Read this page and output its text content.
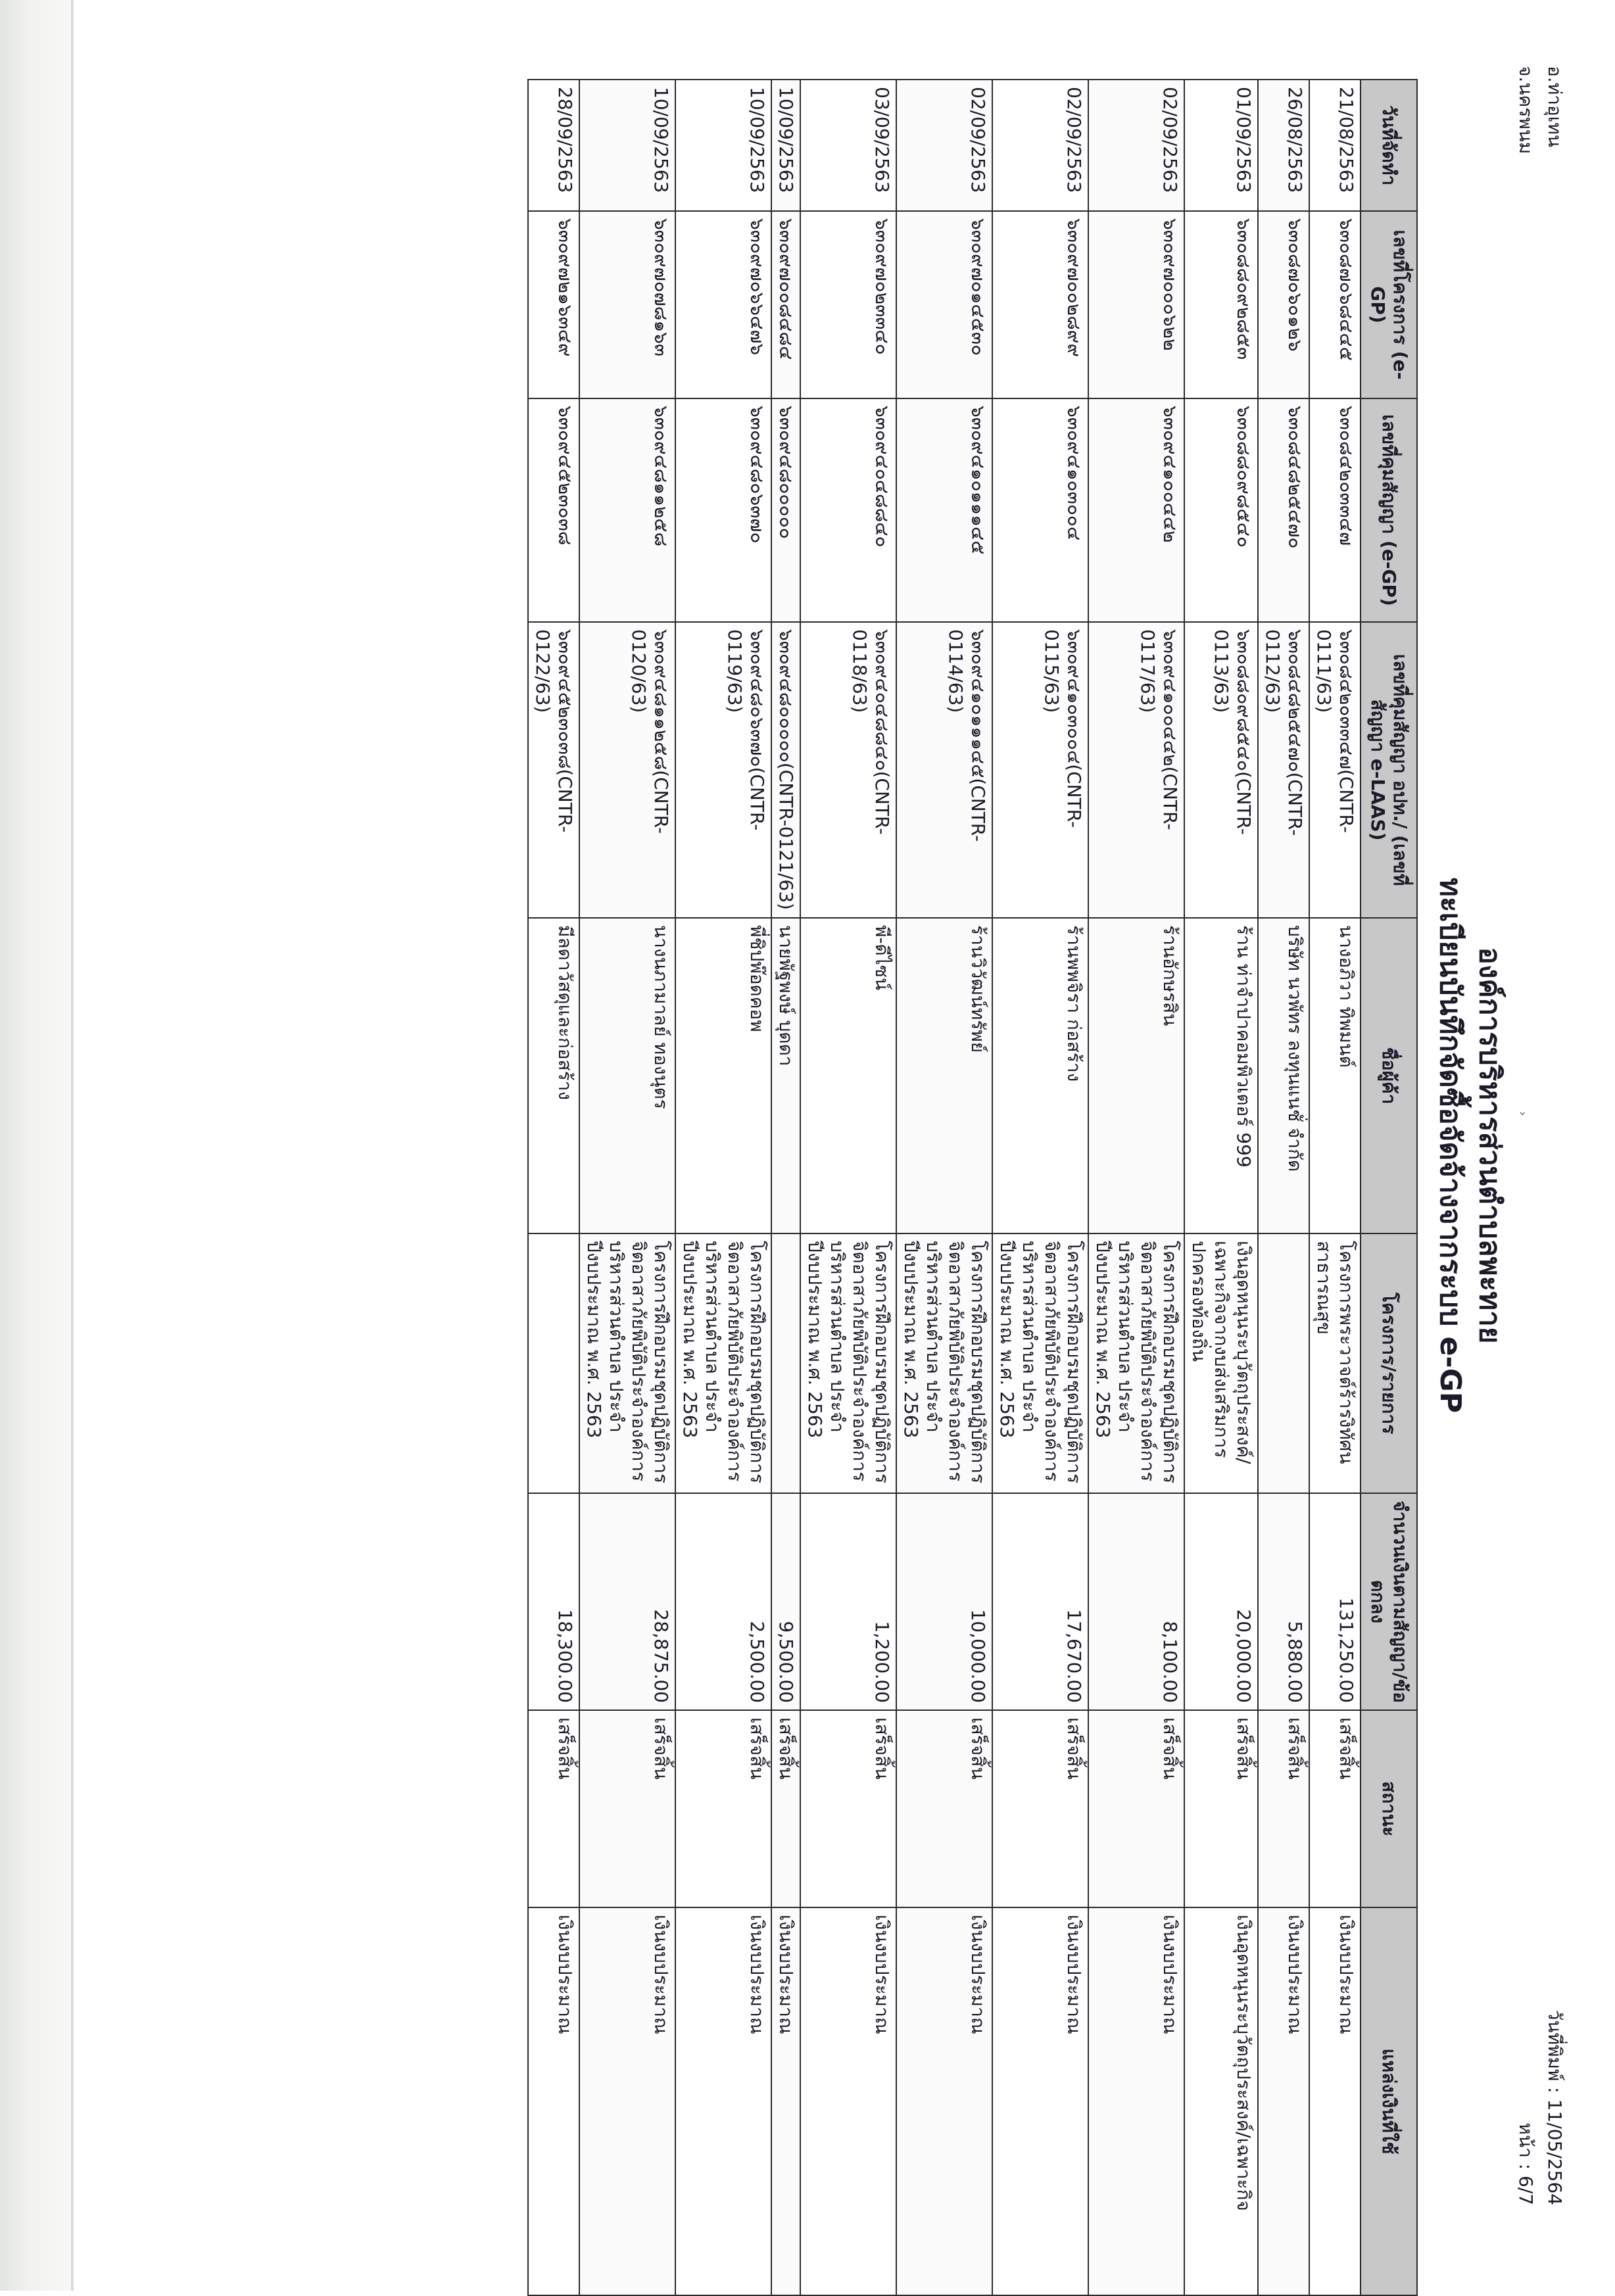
อ.ท่าอุเทน
จ.นครพนม
วันที่พิมพ์ : 11/05/2564
หน้า : 6/7
›
องค์การบริหารส่วนตำบลพะทาย
ทะเบียนบันทึกจัดซื้อจัดจ้างจากระบบ e-GP
วันที่จัดทำ	เลขที่โครงการ (e-GP)	เลขที่คุมสัญญา (e-GP)	เลขที่คุมสัญญา อปท./ (เลขที่สัญญา e-LAAS)	ชื่อผู้ค้า	โครงการ/รายการ	จำนวนเงินตามสัญญา/ข้อตกลง	สถานะ	แหล่งเงินที่ใช้
21/08/2563	๖๓๐๘๗๐๖๘๔๔๕	๖๓๐๘๔๒๐๓๓๔๗	๖๓๐๘๔๒๐๓๓๔๗(CNTR-0111/63)	นางอภิวา ทิพมนต์	โครงการพระวาจต์ร้ารงิทัศน สาธารณสุข	131,250.00	เสร็จสิ้น	เงินงบประมาณ
26/08/2563	๖๓๐๘๗๐๖๐๑๒๖	๖๓๐๘๔๘๒๕๔๗๐	๖๓๐๘๔๘๒๕๔๗๐(CNTR-0112/63)	บริษัท นวพัทร ลงทุนแนชั่ จำกัด		5,880.00	เสร็จสิ้น	เงินงบประมาณ
01/09/2563	๖๓๐๘๘๐๙๒๘๕๓	๖๓๐๘๘๐๙๘๕๔๐	๖๓๐๘๘๐๙๘๕๔๐(CNTR-0113/63)	ร้าน ท่าจำปาคอมพิวเตอร์ 999	เงินอุดหนุนระบุวัตถุประสงค์/เฉพาะกิจจากงบส่งเสริมการปกครองท้องถิ่น	20,000.00	เสร็จสิ้น	เงินอุดหนุนระบุวัตถุประสงค์/เฉพาะกิจ
02/09/2563	๖๓๐๙๗๐๐๐๖๒๒	๖๓๐๙๔๑๐๐๔๔๒	๖๓๐๙๔๑๐๐๔๔๒(CNTR-0117/63)	ร้านอักษรสิน	โครงการฝึกอบรมชุดปฏิบัติการจิตอาสาภัยพิบัติประจำองค์การบริหารส่วนตำบล ประจำปีงบประมาณ พ.ศ. 2563	8,100.00	เสร็จสิ้น	เงินงบประมาณ
02/09/2563	๖๓๐๙๗๐๐๒๘๙๙	๖๓๐๙๔๑๐๓๐๐๔	๖๓๐๙๔๑๐๓๐๐๔(CNTR-0115/63)	ร้านพพจิรา ก่อสร้าง	โครงการฝึกอบรมชุดปฏิบัติการจิตอาสาภัยพิบัติประจำองค์การบริหารส่วนตำบล ประจำปีงบประมาณ พ.ศ. 2563	17,670.00	เสร็จสิ้น	เงินงบประมาณ
02/09/2563	๖๓๐๙๗๐๑๔๕๓๐	๖๓๐๙๔๑๐๑๑๑๔๕	๖๓๐๙๔๑๐๑๑๑๔๕(CNTR-0114/63)	ร้านวิวัฒน์ทรัพย์	โครงการฝึกอบรมชุดปฏิบัติการจิตอาสาภัยพิบัติประจำองค์การบริหารส่วนตำบล ประจำปีงบประมาณ พ.ศ. 2563	10,000.00	เสร็จสิ้น	เงินงบประมาณ
03/09/2563	๖๓๐๙๗๐๒๓๓๔๐	๖๓๐๙๔๐๔๘๘๔๐	๖๓๐๙๔๐๔๘๘๔๐(CNTR-0118/63)	พี-ดีไซน์	โครงการฝึกอบรมชุดปฏิบัติการจิตอาสาภัยพิบัติประจำองค์การบริหารส่วนตำบล ประจำปีงบประมาณ พ.ศ. 2563	1,200.00	เสร็จสิ้น	เงินงบประมาณ
10/09/2563	๖๓๐๙๗๐๐๘๔๘๔	๖๓๐๙๔๘๐๐๐๐๐	๖๓๐๙๔๘๐๐๐๐๐(CNTR-0121/63)	นายพัฐพงษ์ บุดดา		9,500.00	เสร็จสิ้น	เงินงบประมาณ
10/09/2563	๖๓๐๙๗๐๖๖๔๗๖	๖๓๐๙๔๘๐๖๓๗๐	๖๓๐๙๔๘๐๖๓๗๐(CNTR-0119/63)	พี่ชิปพ๊อดคอพ	โครงการฝึกอบรมชุดปฏิบัติการจิตอาสาภัยพิบัติประจำองค์การบริหารส่วนตำบล ประจำปีงบประมาณ พ.ศ. 2563	2,500.00	เสร็จสิ้น	เงินงบประมาณ
10/09/2563	๖๓๐๙๗๐๗๘๑๖๓	๖๓๐๙๔๘๑๑๒๕๘	๖๓๐๙๔๘๑๑๒๕๘(CNTR-0120/63)	นางนภามาลย์ ทองนุตร	โครงการฝึกอบรมชุดปฏิบัติการจิตอาสาภัยพิบัติประจำองค์การบริหารส่วนตำบล ประจำปีงบประมาณ พ.ศ. 2563	28,875.00	เสร็จสิ้น	เงินงบประมาณ
28/09/2563	๖๓๐๙๗๒๑๖๓๔๙	๖๓๐๙๔๕๒๓๐๓๘	๖๓๐๙๔๕๒๓๐๓๘(CNTR-0122/63)	มีลดาวัสดุและก่อสร้าง		18,300.00	เสร็จสิ้น	เงินงบประมาณ
